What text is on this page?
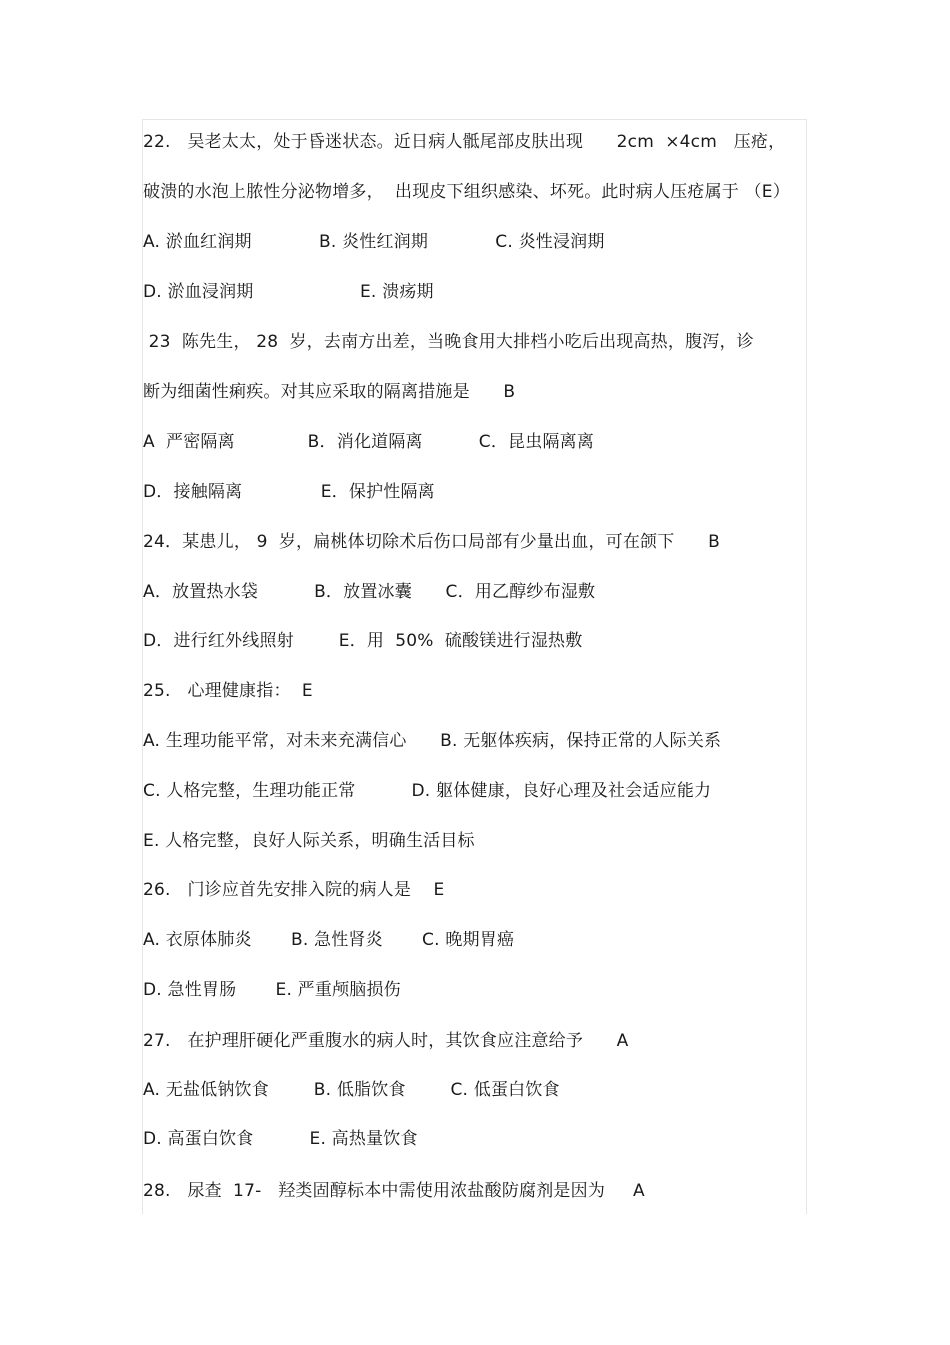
22.   吴老太太，处于昏迷状态。近日病人骶尾部皮肤出现      2cm  ×4cm   压疮，
破溃的水泡上脓性分泌物增多，  出现皮下组织感染、坏死。此时病人压疮属于 （E）
A. 淤血红润期            B. 炎性红润期            C. 炎性浸润期
D. 淤血浸润期                   E. 溃疡期
23  陈先生， 28  岁，去南方出差，当晚食用大排档小吃后出现高热，腹泻，诊
断为细菌性痢疾。对其应采取的隔离措施是      B
A  严密隔离             B．消化道隔离          C．昆虫隔离离
D．接触隔离              E．保护性隔离
24．某患儿， 9  岁，扁桃体切除术后伤口局部有少量出血，可在颌下      B
A．放置热水袋          B．放置冰囊      C．用乙醇纱布湿敷
D．进行红外线照射        E．用  50%  硫酸镁进行湿热敷
25.   心理健康指：  E
A. 生理功能平常，对未来充满信心      B. 无躯体疾病，保持正常的人际关系
C. 人格完整，生理功能正常          D. 躯体健康，良好心理及社会适应能力
E. 人格完整，良好人际关系，明确生活目标
26.   门诊应首先安排入院的病人是    E
A. 衣原体肺炎       B. 急性肾炎       C. 晚期胃癌
D. 急性胃肠       E. 严重颅脑损伤
27.   在护理肝硬化严重腹水的病人时，其饮食应注意给予      A
A. 无盐低钠饮食        B. 低脂饮食        C. 低蛋白饮食
D. 高蛋白饮食          E. 高热量饮食
28.   尿查  17-   羟类固醇标本中需使用浓盐酸防腐剂是因为     A
